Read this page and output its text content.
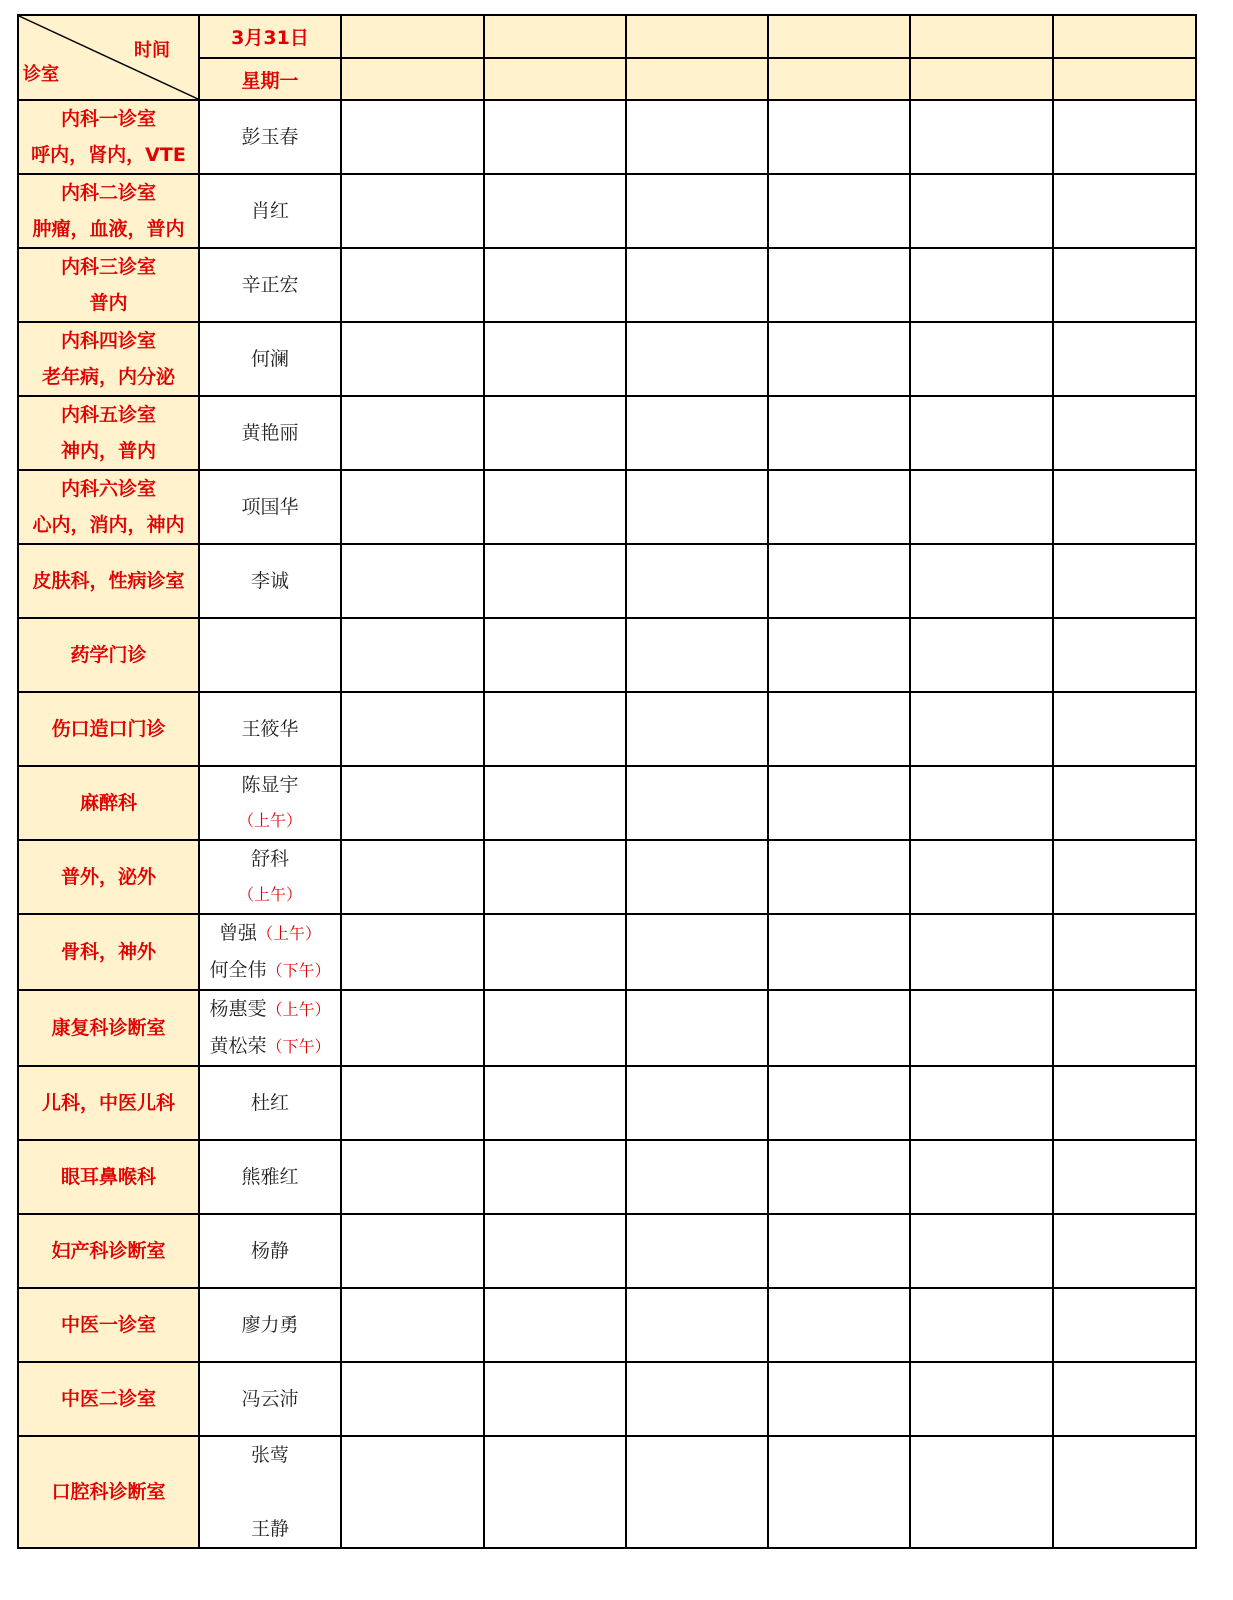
时间
诊室	3月31日						
	星期一						

内科一诊室
呼内，肾内，VTE	彭玉春						

内科二诊室
肿瘤，血液，普内	肖红						

内科三诊室
普内	辛正宏						

内科四诊室
老年病，内分泌	何澜						

内科五诊室
神内，普内	黄艳丽						

内科六诊室
心内，消内，神内	项国华						

皮肤科，性病诊室	李诚						

药学门诊							

伤口造口门诊	王筱华						

麻醉科	陈显宇
（上午）						

普外，泌外	舒科
（上午）						

骨科，神外	曾强（上午）
何全伟（下午）						

康复科诊断室	杨惠雯（上午）
黄松荣（下午）						

儿科，中医儿科	杜红						

眼耳鼻喉科	熊雅红						

妇产科诊断室	杨静						

中医一诊室	廖力勇						

中医二诊室	冯云沛						

口腔科诊断室	张莺
王静						
